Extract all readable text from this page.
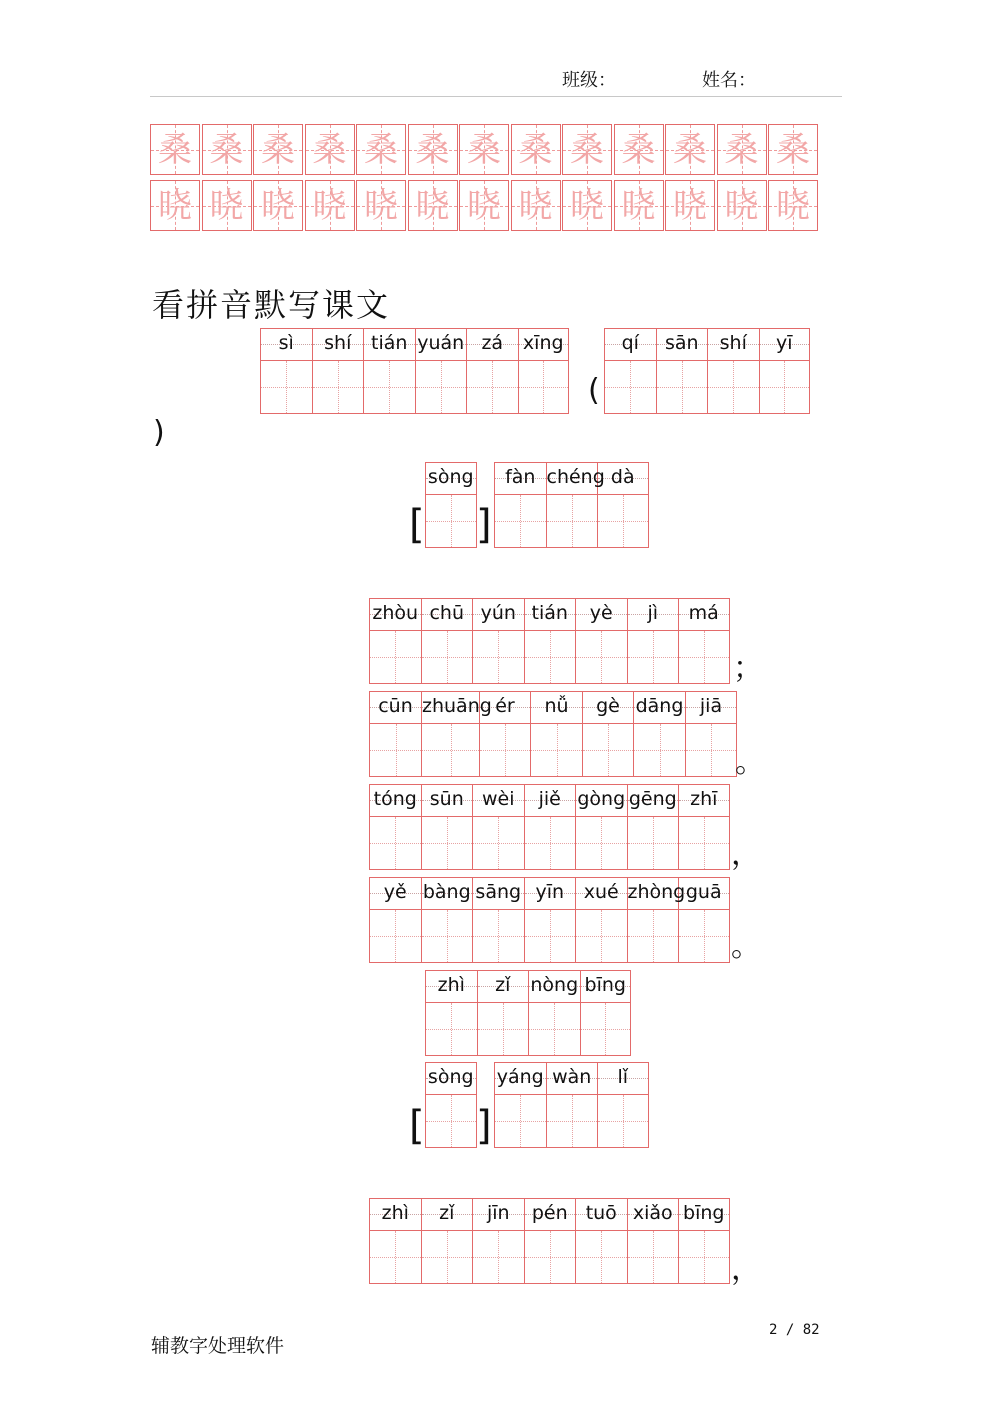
班级：	姓名：
桑 桑 桑 桑 桑 桑 桑 桑 桑 桑 桑 桑 桑
晓 晓 晓 晓 晓 晓 晓 晓 晓 晓 晓 晓 晓
看拼音默写课文
sì	shí	tián yuán zá	xīng
(
qí	sān	shí	yī
)
[
sòng
]
fàn chéng dà
zhòu chū yún tián	yè	jì	má
；
cūn zhuāng ér	nǚ	gè dāng jiā
。
tóng sūn wèi	jiě gòng gēng zhī
，
yě bàng sāng yīn	xué zhòng guā
。
zhì	zǐ	nòng bīng
[
sòng
]
yáng wàn	lǐ
zhì	zǐ	jīn	pén tuō xiǎo bīng
，
辅教字处理软件
2 / 82
